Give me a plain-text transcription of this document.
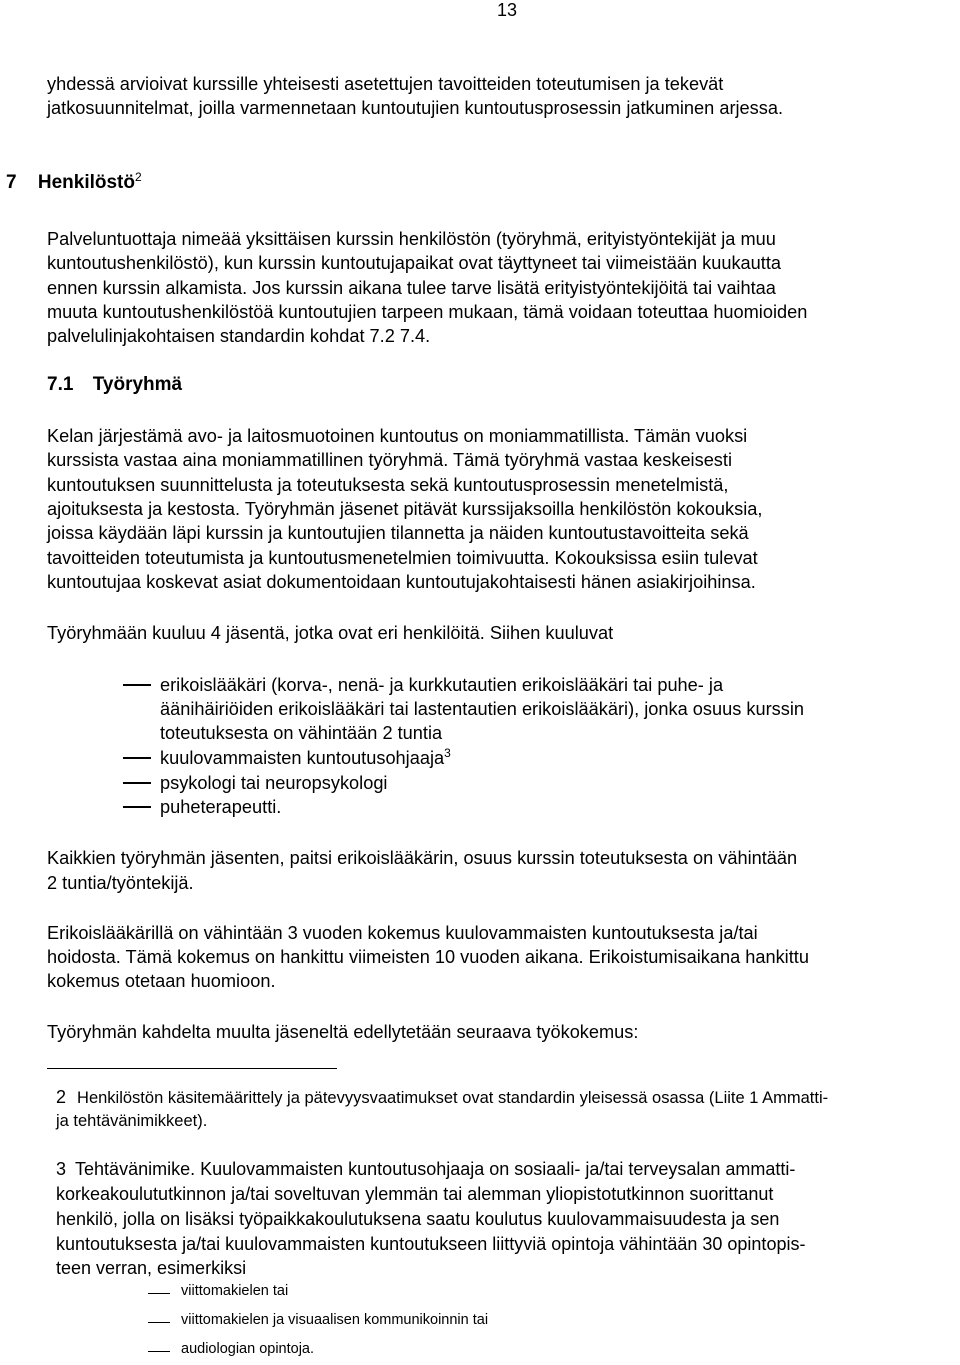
13
yhdessä arvioivat kurssille yhteisesti asetettujen tavoitteiden toteutumisen ja tekevät
jatkosuunnitelmat, joilla varmennetaan kuntoutujien kuntoutusprosessin jatkuminen arjessa.
7 Henkilöstö$^2$
Palveluntuottaja nimeää yksittäisen kurssin henkilöstön (työryhmä, erityistyöntekijät ja muu
kuntoutushenkilöstö), kun kurssin kuntoutujapaikat ovat täyttyneet tai viimeistään kuukautta
ennen kurssin alkamista. Jos kurssin aikana tulee tarve lisätä erityistyöntekijöitä tai vaihtaa
muuta kuntoutushenkilöstöä kuntoutujien tarpeen mukaan, tämä voidaan toteuttaa huomioiden
palvelulinjakohtaisen standardin kohdat 7.2 7.4.
7.1 Työryhmä
Kelan järjestämä avo- ja laitosmuotoinen kuntoutus on moniammatillista. Tämän vuoksi
kurssista vastaa aina moniammatillinen työryhmä. Tämä työryhmä vastaa keskeisesti
kuntoutuksen suunnittelusta ja toteutuksesta sekä kuntoutusprosessin menetelmistä,
ajoituksesta ja kestosta. Työryhmän jäsenet pitävät kurssijaksoilla henkilöstön kokouksia,
joissa käydään läpi kurssin ja kuntoutujien tilannetta ja näiden kuntoutustavoitteita sekä
tavoitteiden toteutumista ja kuntoutusmenetelmien toimivuutta. Kokouksissa esiin tulevat
kuntoutujaa koskevat asiat dokumentoidaan kuntoutujakohtaisesti hänen asiakirjoihinsa.
Työryhmään kuuluu 4 jäsentä, jotka ovat eri henkilöitä. Siihen kuuluvat
erikoislääkäri (korva-, nenä- ja kurkkutautien erikoislääkäri tai puhe- ja
äänihäiriöiden erikoislääkäri tai lastentautien erikoislääkäri), jonka osuus kurssin
toteutuksesta on vähintään 2 tuntia
kuulovammaisten kuntoutusohjaaja$^3$
psykologi tai neuropsykologi
puheterapeutti.
Kaikkien työryhmän jäsenten, paitsi erikoislääkärin, osuus kurssin toteutuksesta on vähintään
2 tuntia/työntekijä.
Erikoislääkärillä on vähintään 3 vuoden kokemus kuulovammaisten kuntoutuksesta ja/tai
hoidosta. Tämä kokemus on hankittu viimeisten 10 vuoden aikana. Erikoistumisaikana hankittu
kokemus otetaan huomioon.
Työryhmän kahdelta muulta jäseneltä edellytetään seuraava työkokemus:
2 Henkilöstön käsitemäärittely ja pätevyysvaatimukset ovat standardin yleisessä osassa (Liite 1 Ammatti-
ja tehtävänimikkeet).
3 Tehtävänimike. Kuulovammaisten kuntoutusohjaaja on sosiaali- ja/tai terveysalan ammatti-
korkeakoulututkinnon ja/tai soveltuvan ylemmän tai alemman yliopistotutkinnon suorittanut
henkilö, jolla on lisäksi työpaikkakoulutuksena saatu koulutus kuulovammaisuudesta ja sen
kuntoutuksesta ja/tai kuulovammaisten kuntoutukseen liittyviä opintoja vähintään 30 opintopis-
teen verran, esimerkiksi
viittomakielen tai
viittomakielen ja visuaalisen kommunikoinnin tai
audiologian opintoja.
